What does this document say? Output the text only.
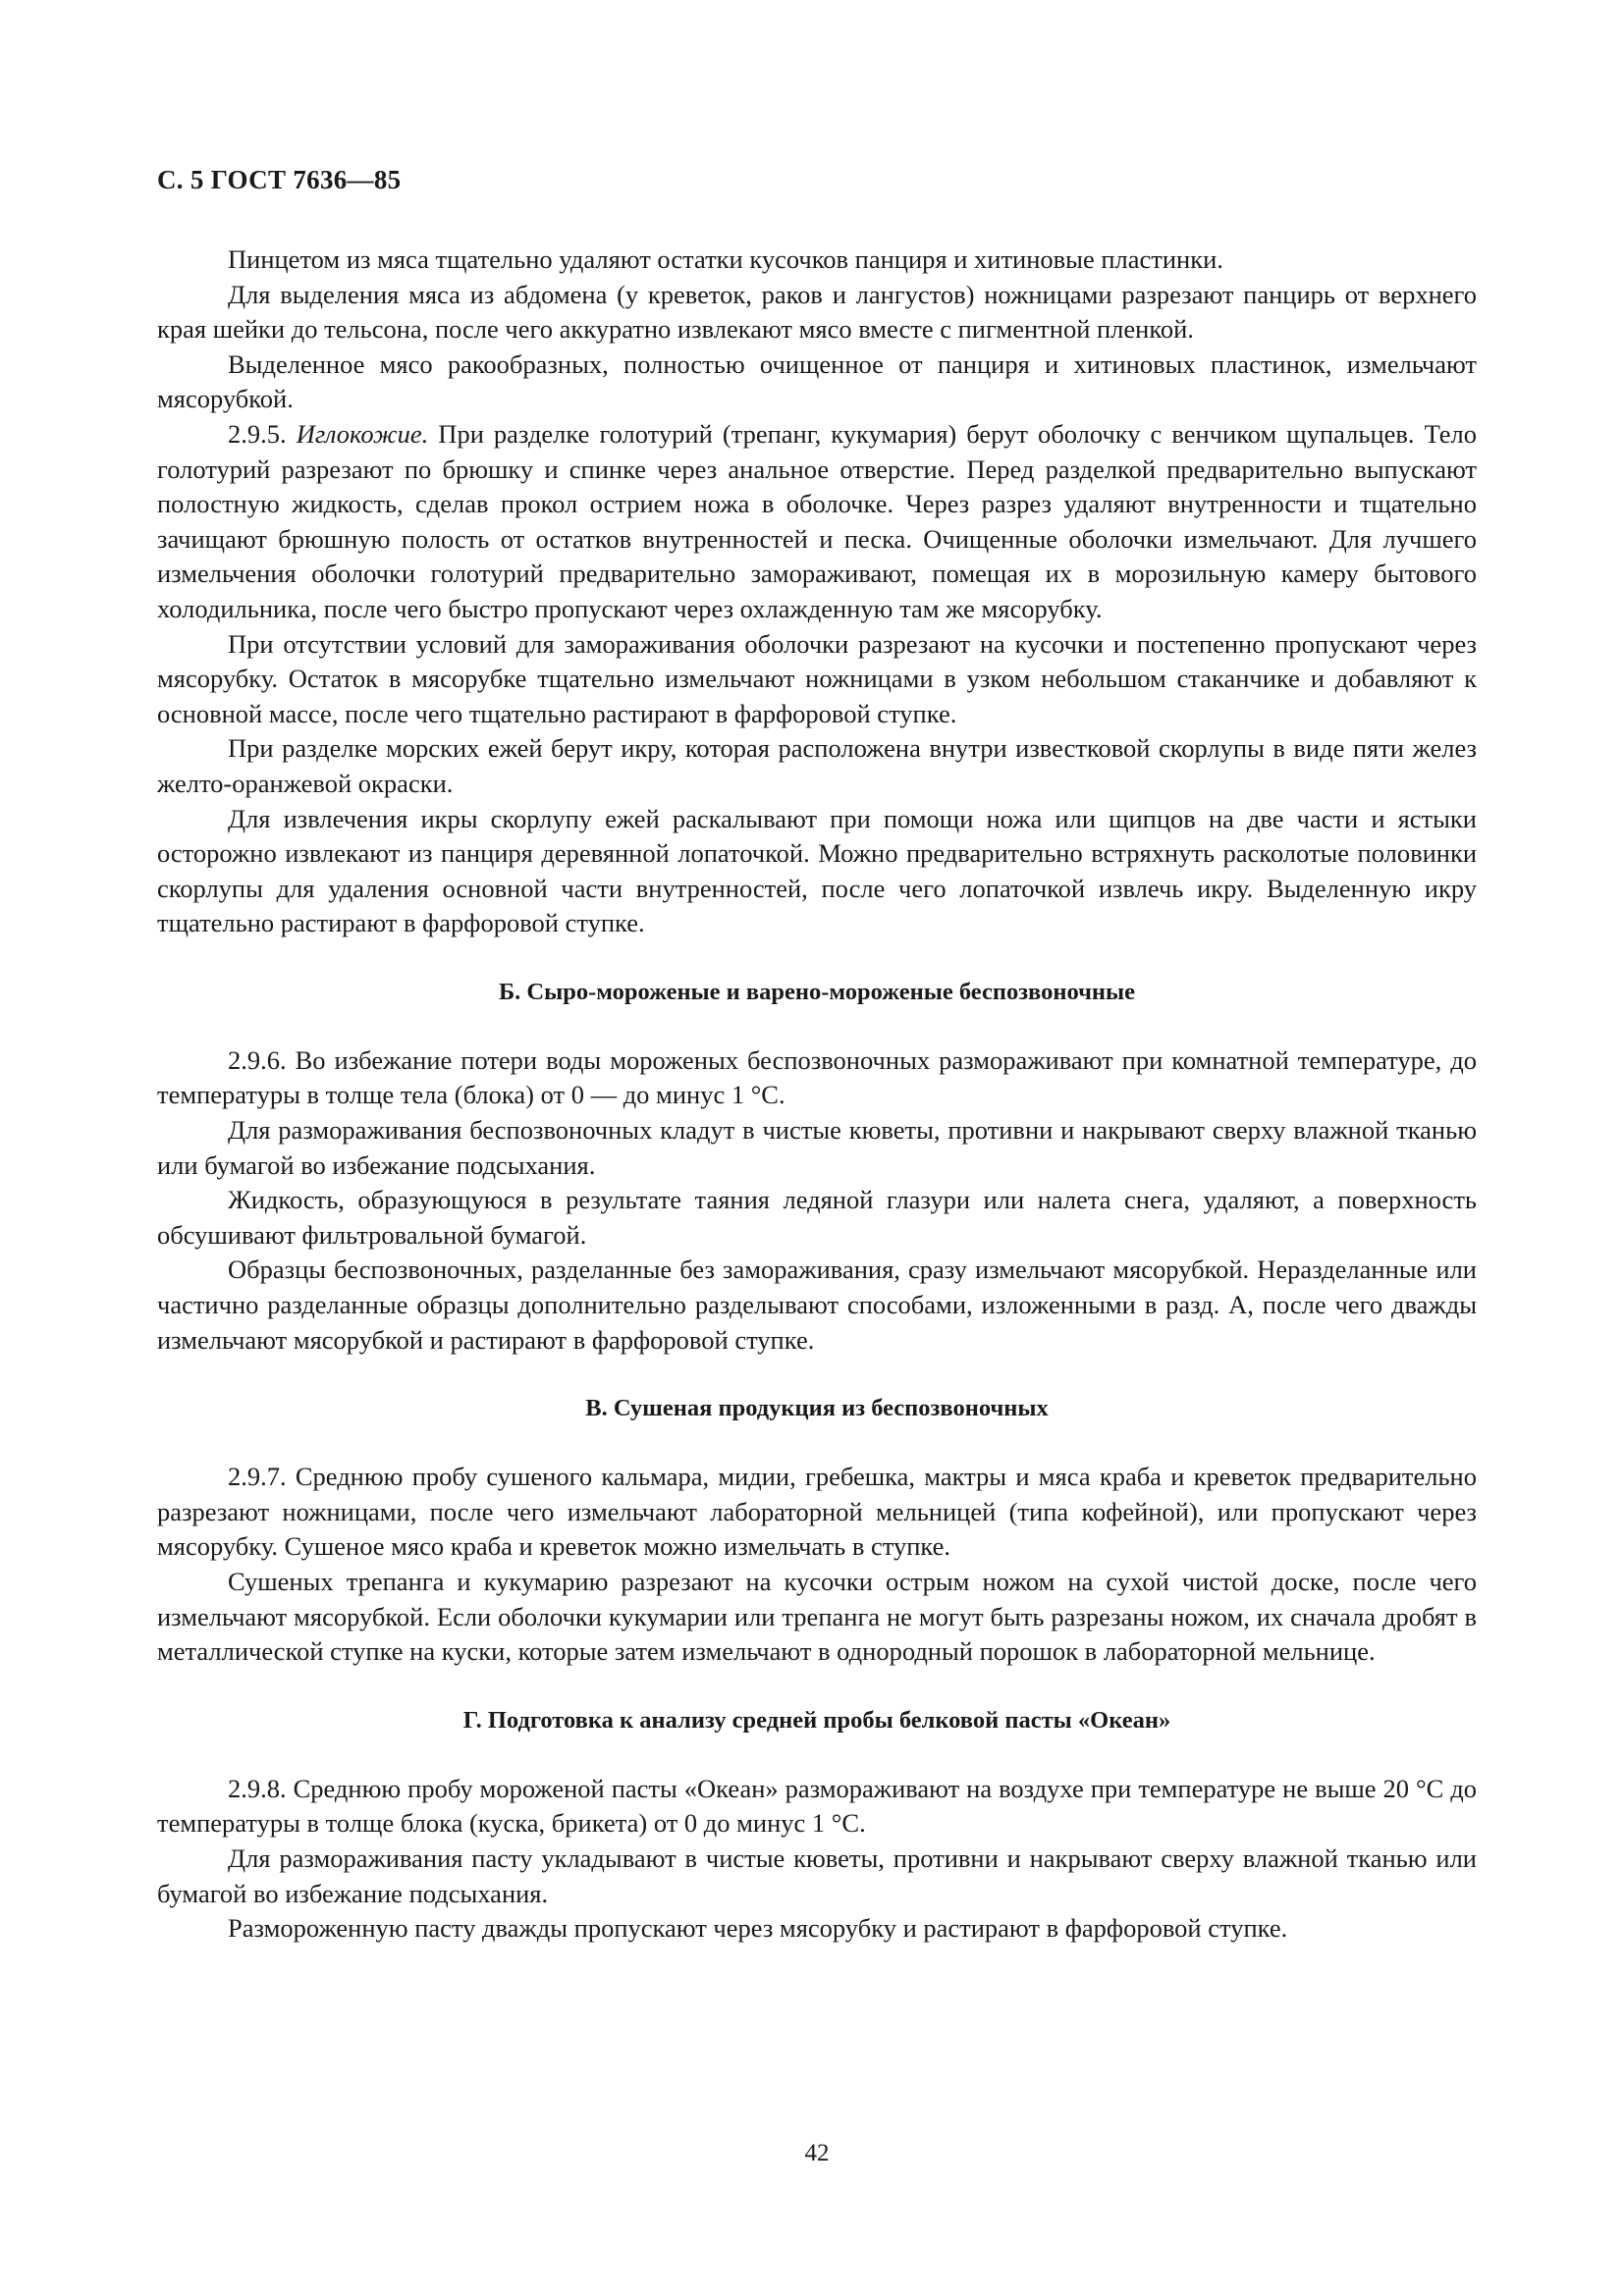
С. 5 ГОСТ 7636—85

Пинцетом из мяса тщательно удаляют остатки кусочков панциря и хитиновые пластинки.

Для выделения мяса из абдомена (у креветок, раков и лангустов) ножницами разрезают панцирь от верхнего края шейки до тельсона, после чего аккуратно извлекают мясо вместе с пигментной пленкой.

Выделенное мясо ракообразных, полностью очищенное от панциря и хитиновых пластинок, измельчают мясорубкой.

2.9.5. Иглокожие. При разделке голотурий (трепанг, кукумария) берут оболочку с венчиком щупальцев. Тело голотурий разрезают по брюшку и спинке через анальное отверстие. Перед разделкой предварительно выпускают полостную жидкость, сделав прокол острием ножа в оболочке. Через разрез удаляют внутренности и тщательно зачищают брюшную полость от остатков внутренностей и песка. Очищенные оболочки измельчают. Для лучшего измельчения оболочки голотурий предварительно замораживают, помещая их в морозильную камеру бытового холодильника, после чего быстро пропускают через охлажденную там же мясорубку.

При отсутствии условий для замораживания оболочки разрезают на кусочки и постепенно пропускают через мясорубку. Остаток в мясорубке тщательно измельчают ножницами в узком небольшом стаканчике и добавляют к основной массе, после чего тщательно растирают в фарфоровой ступке.

При разделке морских ежей берут икру, которая расположена внутри известковой скорлупы в виде пяти желез желто-оранжевой окраски.

Для извлечения икры скорлупу ежей раскалывают при помощи ножа или щипцов на две части и ястыки осторожно извлекают из панциря деревянной лопаточкой. Можно предварительно встряхнуть расколотые половинки скорлупы для удаления основной части внутренностей, после чего лопаточкой извлечь икру. Выделенную икру тщательно растирают в фарфоровой ступке.

Б. Сыро-мороженые и варено-мороженые беспозвоночные

2.9.6. Во избежание потери воды мороженых беспозвоночных размораживают при комнатной температуре, до температуры в толще тела (блока) от 0 — до минус 1 °С.

Для размораживания беспозвоночных кладут в чистые кюветы, противни и накрывают сверху влажной тканью или бумагой во избежание подсыхания.

Жидкость, образующуюся в результате таяния ледяной глазури или налета снега, удаляют, а поверхность обсушивают фильтровальной бумагой.

Образцы беспозвоночных, разделанные без замораживания, сразу измельчают мясорубкой. Неразделанные или частично разделанные образцы дополнительно разделывают способами, изложенными в разд. А, после чего дважды измельчают мясорубкой и растирают в фарфоровой ступке.

В. Сушеная продукция из беспозвоночных

2.9.7. Среднюю пробу сушеного кальмара, мидии, гребешка, мактры и мяса краба и креветок предварительно разрезают ножницами, после чего измельчают лабораторной мельницей (типа кофейной), или пропускают через мясорубку. Сушеное мясо краба и креветок можно измельчать в ступке.

Сушеных трепанга и кукумарию разрезают на кусочки острым ножом на сухой чистой доске, после чего измельчают мясорубкой. Если оболочки кукумарии или трепанга не могут быть разрезаны ножом, их сначала дробят в металлической ступке на куски, которые затем измельчают в однородный порошок в лабораторной мельнице.

Г. Подготовка к анализу средней пробы белковой пасты «Океан»

2.9.8. Среднюю пробу мороженой пасты «Океан» размораживают на воздухе при температуре не выше 20 °С до температуры в толще блока (куска, брикета) от 0 до минус 1 °С.

Для размораживания пасту укладывают в чистые кюветы, противни и накрывают сверху влажной тканью или бумагой во избежание подсыхания.

Размороженную пасту дважды пропускают через мясорубку и растирают в фарфоровой ступке.

42
